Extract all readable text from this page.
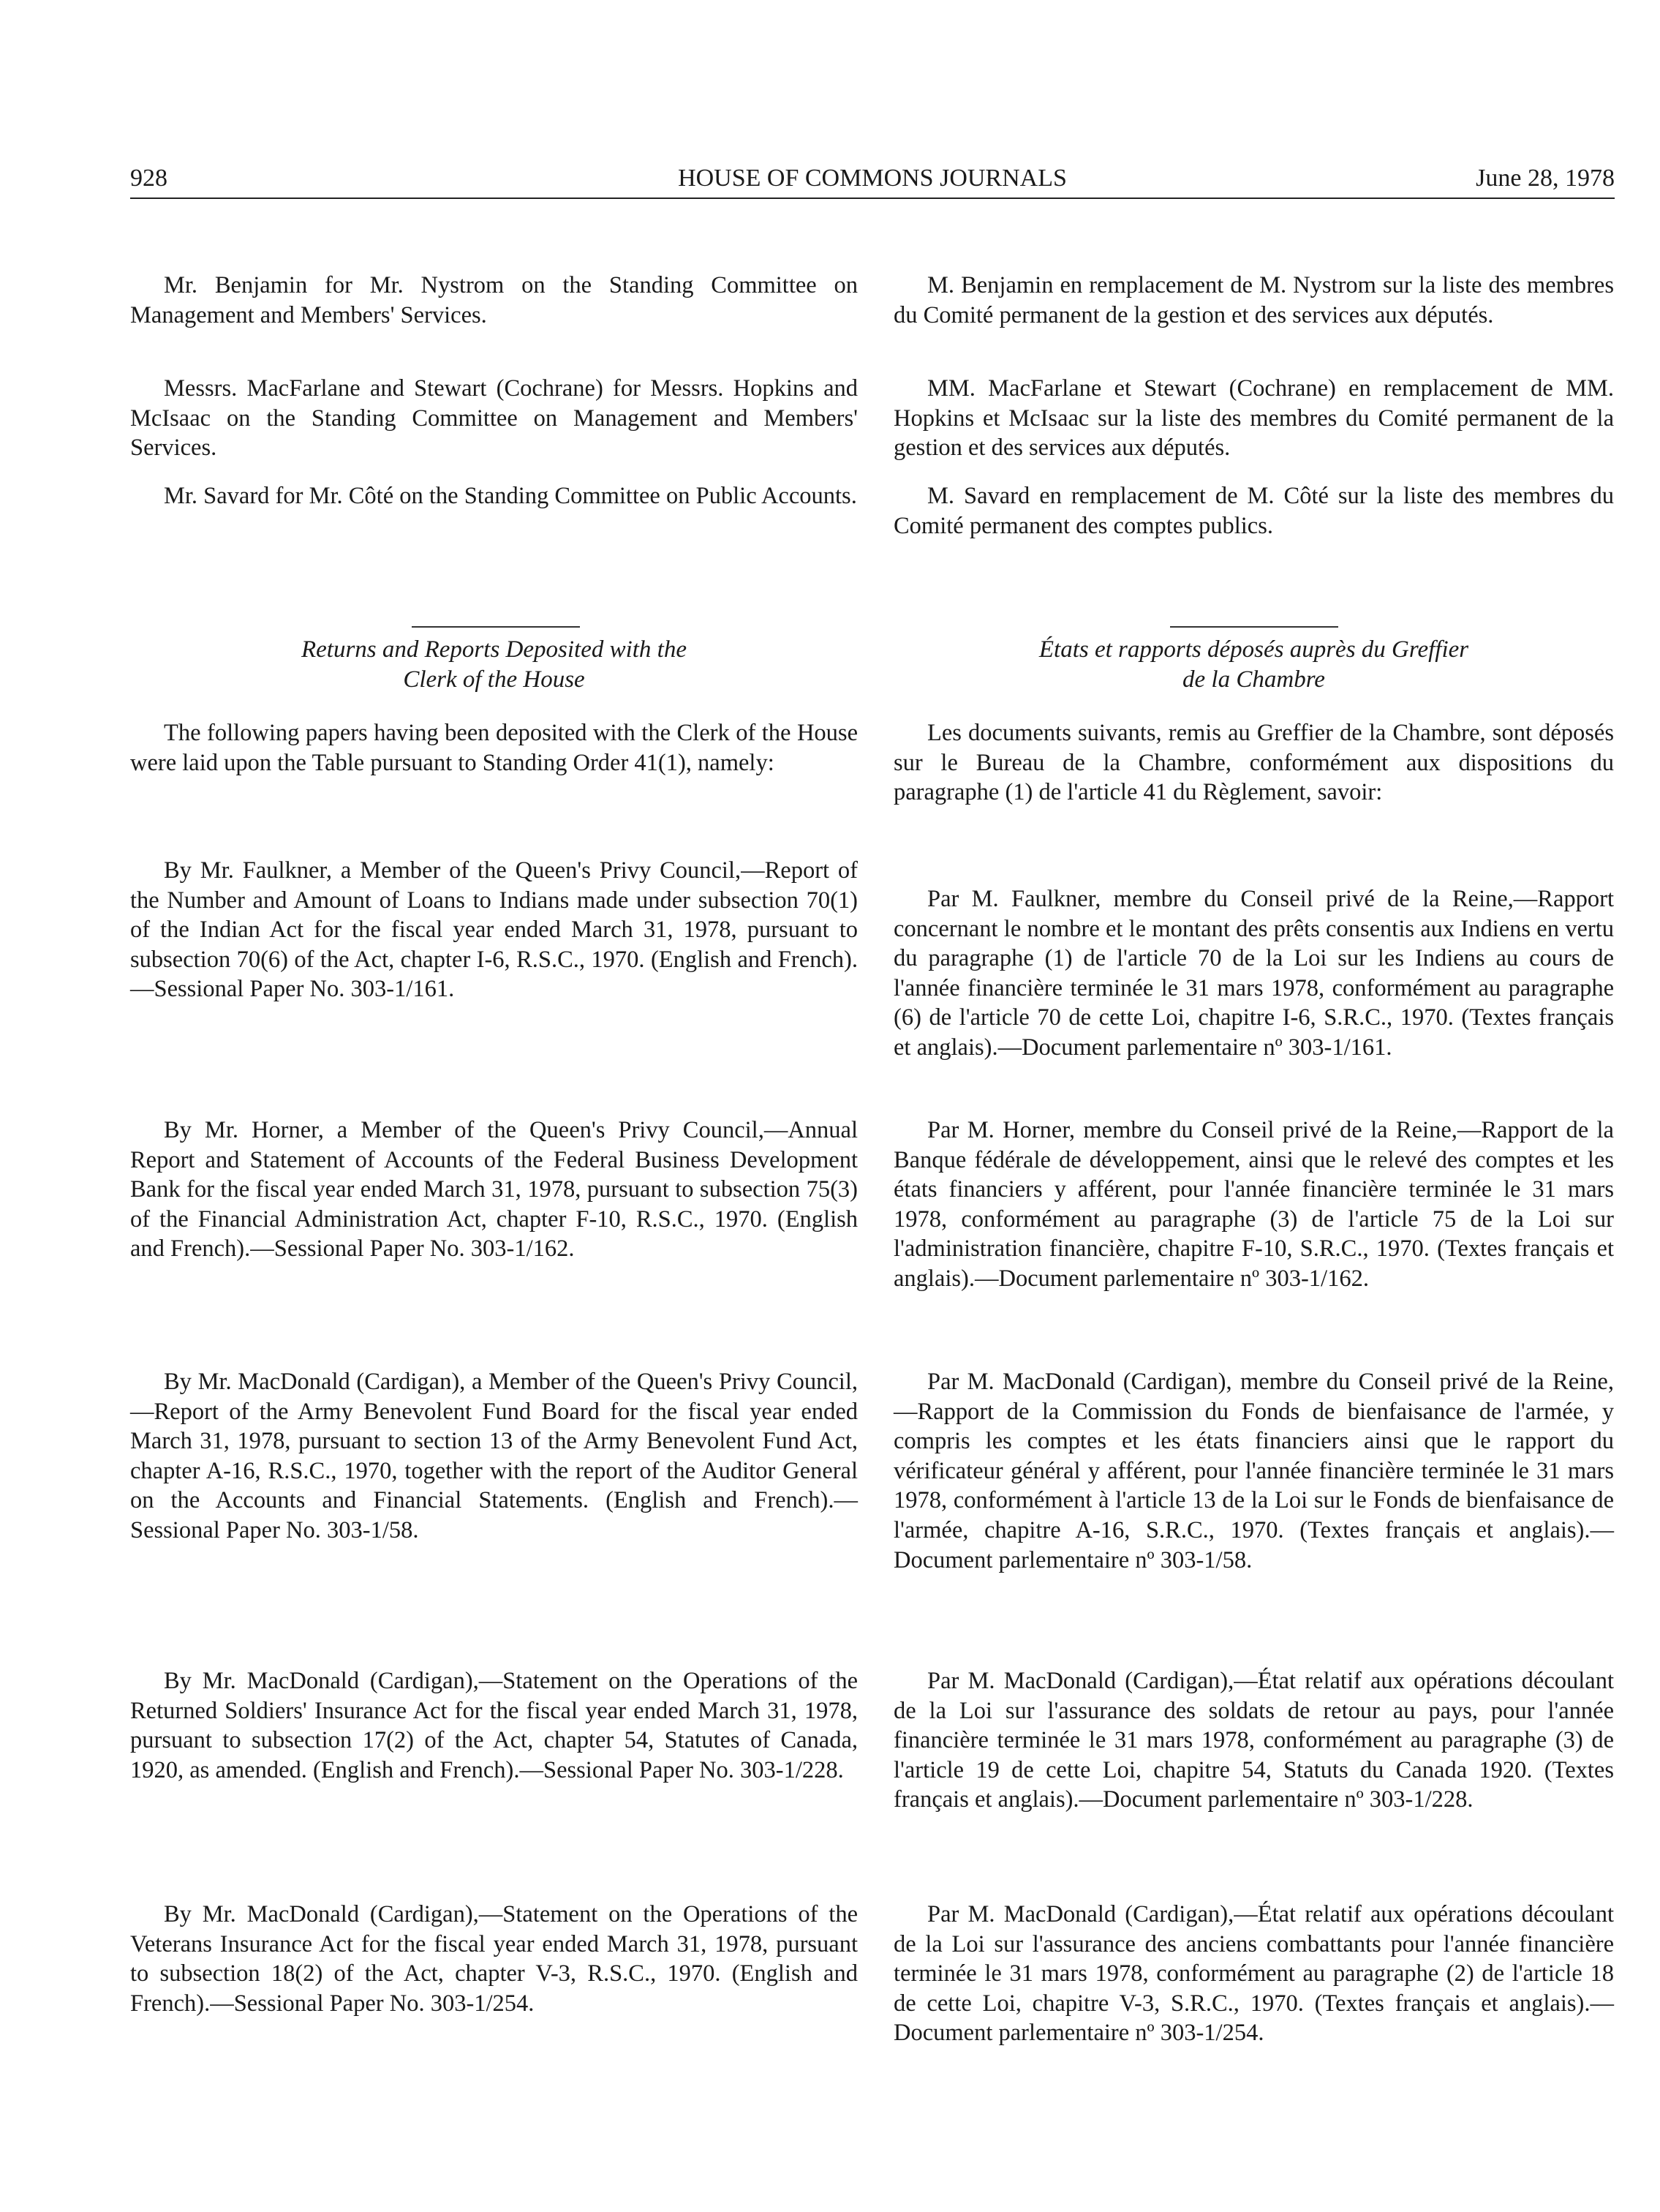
928	HOUSE OF COMMONS JOURNALS	June 28, 1978

Mr. Benjamin for Mr. Nystrom on the Standing Committee on Management and Members' Services.

Messrs. MacFarlane and Stewart (Cochrane) for Messrs. Hopkins and McIsaac on the Standing Committee on Management and Members' Services.

Mr. Savard for Mr. Côté on the Standing Committee on Public Accounts.

Returns and Reports Deposited with the
Clerk of the House

The following papers having been deposited with the Clerk of the House were laid upon the Table pursuant to Standing Order 41(1), namely:

By Mr. Faulkner, a Member of the Queen's Privy Council,—Report of the Number and Amount of Loans to Indians made under subsection 70(1) of the Indian Act for the fiscal year ended March 31, 1978, pursuant to subsection 70(6) of the Act, chapter I-6, R.S.C., 1970. (English and French).—Sessional Paper No. 303-1/161.

By Mr. Horner, a Member of the Queen's Privy Council,—Annual Report and Statement of Accounts of the Federal Business Development Bank for the fiscal year ended March 31, 1978, pursuant to subsection 75(3) of the Financial Administration Act, chapter F-10, R.S.C., 1970. (English and French).—Sessional Paper No. 303-1/162.

By Mr. MacDonald (Cardigan), a Member of the Queen's Privy Council,—Report of the Army Benevolent Fund Board for the fiscal year ended March 31, 1978, pursuant to section 13 of the Army Benevolent Fund Act, chapter A-16, R.S.C., 1970, together with the report of the Auditor General on the Accounts and Financial Statements. (English and French).—Sessional Paper No. 303-1/58.

By Mr. MacDonald (Cardigan),—Statement on the Operations of the Returned Soldiers' Insurance Act for the fiscal year ended March 31, 1978, pursuant to subsection 17(2) of the Act, chapter 54, Statutes of Canada, 1920, as amended. (English and French).—Sessional Paper No. 303-1/228.

By Mr. MacDonald (Cardigan),—Statement on the Operations of the Veterans Insurance Act for the fiscal year ended March 31, 1978, pursuant to subsection 18(2) of the Act, chapter V-3, R.S.C., 1970. (English and French).—Sessional Paper No. 303-1/254.

M. Benjamin en remplacement de M. Nystrom sur la liste des membres du Comité permanent de la gestion et des services aux députés.

MM. MacFarlane et Stewart (Cochrane) en remplacement de MM. Hopkins et McIsaac sur la liste des membres du Comité permanent de la gestion et des services aux députés.

M. Savard en remplacement de M. Côté sur la liste des membres du Comité permanent des comptes publics.

États et rapports déposés auprès du Greffier
de la Chambre

Les documents suivants, remis au Greffier de la Chambre, sont déposés sur le Bureau de la Chambre, conformément aux dispositions du paragraphe (1) de l'article 41 du Règlement, savoir:

Par M. Faulkner, membre du Conseil privé de la Reine,—Rapport concernant le nombre et le montant des prêts consentis aux Indiens en vertu du paragraphe (1) de l'article 70 de la Loi sur les Indiens au cours de l'année financière terminée le 31 mars 1978, conformément au paragraphe (6) de l'article 70 de cette Loi, chapitre I-6, S.R.C., 1970. (Textes français et anglais).—Document parlementaire nº 303-1/161.

Par M. Horner, membre du Conseil privé de la Reine,—Rapport de la Banque fédérale de développement, ainsi que le relevé des comptes et les états financiers y afférent, pour l'année financière terminée le 31 mars 1978, conformément au paragraphe (3) de l'article 75 de la Loi sur l'administration financière, chapitre F-10, S.R.C., 1970. (Textes français et anglais).—Document parlementaire nº 303-1/162.

Par M. MacDonald (Cardigan), membre du Conseil privé de la Reine,—Rapport de la Commission du Fonds de bienfaisance de l'armée, y compris les comptes et les états financiers ainsi que le rapport du vérificateur général y afférent, pour l'année financière terminée le 31 mars 1978, conformément à l'article 13 de la Loi sur le Fonds de bienfaisance de l'armée, chapitre A-16, S.R.C., 1970. (Textes français et anglais).—Document parlementaire nº 303-1/58.

Par M. MacDonald (Cardigan),—État relatif aux opérations découlant de la Loi sur l'assurance des soldats de retour au pays, pour l'année financière terminée le 31 mars 1978, conformément au paragraphe (3) de l'article 19 de cette Loi, chapitre 54, Statuts du Canada 1920. (Textes français et anglais).—Document parlementaire nº 303-1/228.

Par M. MacDonald (Cardigan),—État relatif aux opérations découlant de la Loi sur l'assurance des anciens combattants pour l'année financière terminée le 31 mars 1978, conformément au paragraphe (2) de l'article 18 de cette Loi, chapitre V-3, S.R.C., 1970. (Textes français et anglais).—Document parlementaire nº 303-1/254.
